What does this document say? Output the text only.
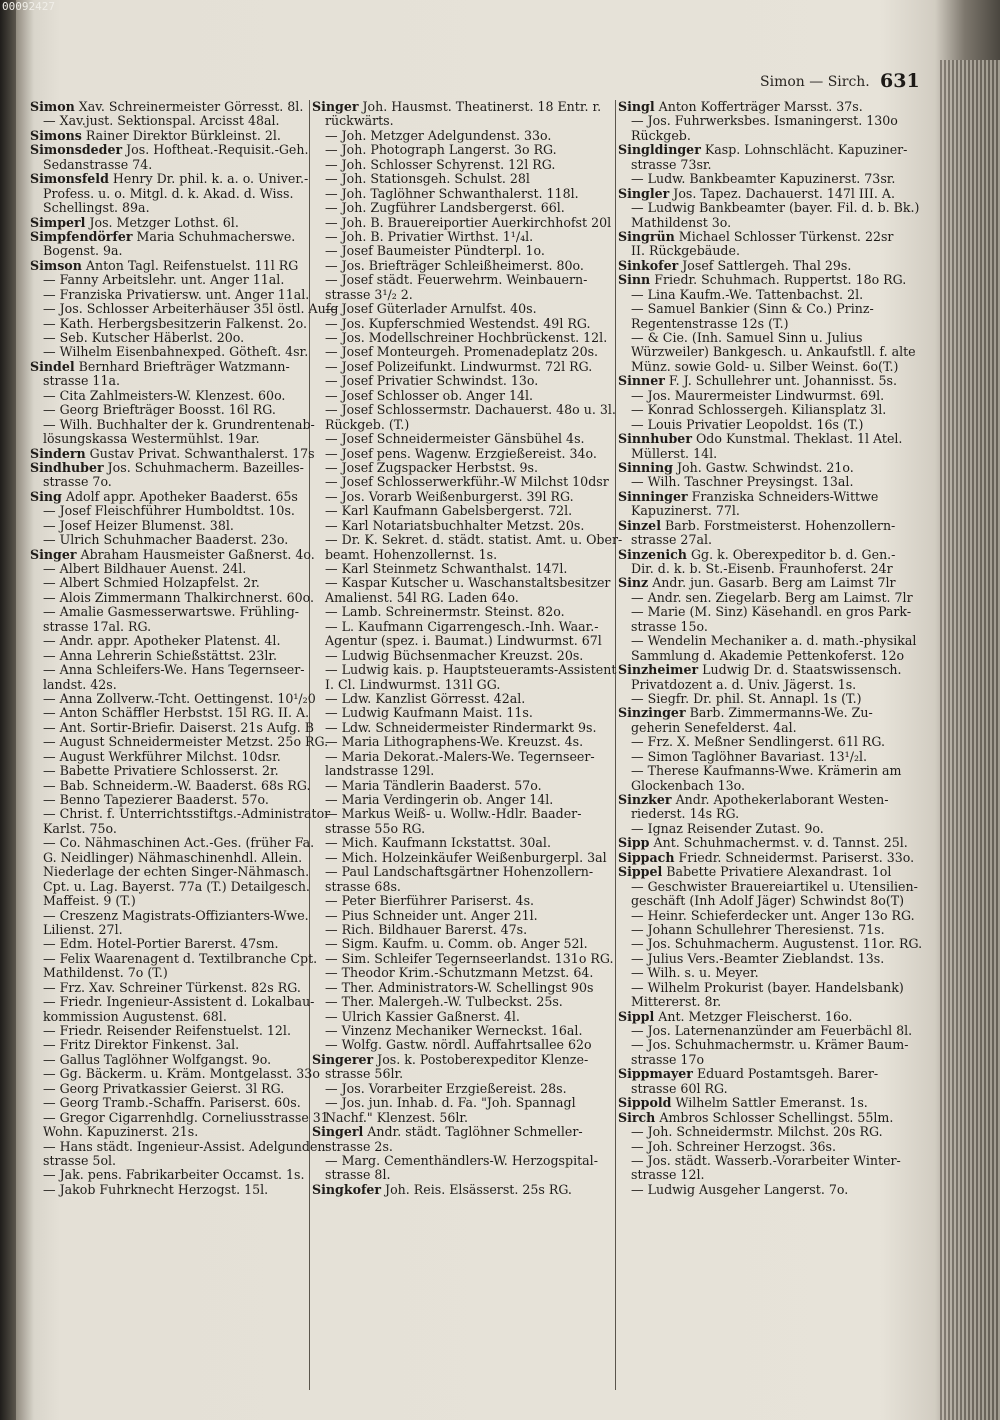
00092427
Simon — Sirch. 631
Simon Xav. Schreinermeister Görresst. 8l.
— Xav.just. Sektionspal. Arcisst 48al.
Simons Rainer Direktor Bürkleinst. 2l.
Simonsdeder Jos. Hoftheat.-Requisit.-Geh.
Sedanstrasse 74.
Simonsfeld Henry Dr. phil. k. a. o. Univer.-
Profess. u. o. Mitgl. d. k. Akad. d. Wiss.
Schellingst. 89a.
Simperl Jos. Metzger Lothst. 6l.
Simpfendörfer Maria Schuhmacherswe.
Bogenst. 9a.
Simson Anton Tagl. Reifenstuelst. 11l RG
— Fanny Arbeitslehr. unt. Anger 11al.
— Franziska Privatiersw. unt. Anger 11al.
— Jos. Schlosser Arbeiterhäuser 35l östl. Aufg
— Kath. Herbergsbesitzerin Falkenst. 2o.
— Seb. Kutscher Häberlst. 20o.
— Wilhelm Eisenbahnexped. Götheſt. 4sr.
Sindel Bernhard Briefträger Watzmann-
strasse 11a.
— Cita Zahlmeisters-W. Klenzest. 60o.
— Georg Briefträger Boosst. 16l RG.
— Wilh. Buchhalter der k. Grundrentenab-
lösungskassa Westermühlst. 19ar.
Sindern Gustav Privat. Schwanthalerst. 17s
Sindhuber Jos. Schuhmacherm. Bazeilles-
strasse 7o.
Sing Adolf appr. Apotheker Baaderst. 65s
— Josef Fleischführer Humboldtst. 10s.
— Josef Heizer Blumenst. 38l.
— Ulrich Schuhmacher Baaderst. 23o.
Singer Abraham Hausmeister Gaßnerst. 4o.
— Albert Bildhauer Auenst. 24l.
— Albert Schmied Holzapfelst. 2r.
— Alois Zimmermann Thalkirchnerst. 60o.
— Amalie Gasmesserwartswe. Frühling-
strasse 17al. RG.
— Andr. appr. Apotheker Platenst. 4l.
— Anna Lehrerin Schießstättst. 23lr.
— Anna Schleifers-We. Hans Tegernseer-
landst. 42s.
— Anna Zollverw.-Tcht. Oettingenst. 10¹/₂0
— Anton Schäffler Herbstst. 15l RG. II. A.
— Ant. Sortir-Briefir. Daiserst. 21s Aufg. B
— August Schneidermeister Metzst. 25o RG.
— August Werkführer Milchst. 10dsr.
— Babette Privatiere Schlosserst. 2r.
— Bab. Schneiderm.-W. Baaderst. 68s RG.
— Benno Tapezierer Baaderst. 57o.
— Christ. f. Unterrichtsstiftgs.-Administrator
Karlst. 75o.
— Co. Nähmaschinen Act.-Ges. (früher Fa.
G. Neidlinger) Nähmaschinenhdl. Allein.
Niederlage der echten Singer-Nähmasch.
Cpt. u. Lag. Bayerst. 77a (T.) Detailgesch.
Maffeist. 9 (T.)
— Creszenz Magistrats-Offizianters-Wwe.
Lilienst. 27l.
— Edm. Hotel-Portier Barerst. 47sm.
— Felix Waarenagent d. Textilbranche Cpt.
Mathildenst. 7o (T.)
— Frz. Xav. Schreiner Türkenst. 82s RG.
— Friedr. Ingenieur-Assistent d. Lokalbau-
kommission Augustenst. 68l.
— Friedr. Reisender Reifenstuelst. 12l.
— Fritz Direktor Finkenst. 3al.
— Gallus Taglöhner Wolfgangst. 9o.
— Gg. Bäckerm. u. Kräm. Montgelasst. 33o
— Georg Privatkassier Geierst. 3l RG.
— Georg Tramb.-Schaffn. Pariserst. 60s.
— Gregor Cigarrenhdlg. Corneliusstrasse 31
Wohn. Kapuzinerst. 21s.
— Hans städt. Ingenieur-Assist. Adelgunden-
strasse 5ol.
— Jak. pens. Fabrikarbeiter Occamst. 1s.
— Jakob Fuhrknecht Herzogst. 15l.
Singer Joh. Hausmst. Theatinerst. 18 Entr. r.
rückwärts.
— Joh. Metzger Adelgundenst. 33o.
— Joh. Photograph Langerst. 3o RG.
— Joh. Schlosser Schyrenst. 12l RG.
— Joh. Stationsgeh. Schulst. 28l
— Joh. Taglöhner Schwanthalerst. 118l.
— Joh. Zugführer Landsbergerst. 66l.
— Joh. B. Brauereiportier Auerkirchhofst 20l
— Joh. B. Privatier Wirthst. 1¹/₄l.
— Josef Baumeister Pündterpl. 1o.
— Jos. Briefträger Schleißheimerst. 80o.
— Josef städt. Feuerwehrm. Weinbauern-
strasse 3¹/₂ 2.
— Josef Güterlader Arnulfst. 40s.
— Jos. Kupferschmied Westendst. 49l RG.
— Jos. Modellschreiner Hochbrückenst. 12l.
— Josef Monteurgeh. Promenadeplatz 20s.
— Josef Polizeifunkt. Lindwurmst. 72l RG.
— Josef Privatier Schwindst. 13o.
— Josef Schlosser ob. Anger 14l.
— Josef Schlossermstr. Dachauerst. 48o u. 3l.
Rückgeb. (T.)
— Josef Schneidermeister Gänsbühel 4s.
— Josef pens. Wagenw. Erzgießereist. 34o.
— Josef Zugspacker Herbstst. 9s.
— Josef Schlosserwerkführ.-W Milchst 10dsr
— Jos. Vorarb Weißenburgerst. 39l RG.
— Karl Kaufmann Gabelsbergerst. 72l.
— Karl Notariatsbuchhalter Metzst. 20s.
— Dr. K. Sekret. d. städt. statist. Amt. u. Ober-
beamt. Hohenzollernst. 1s.
— Karl Steinmetz Schwanthalst. 147l.
— Kaspar Kutscher u. Waschanstaltsbesitzer
Amalienst. 54l RG. Laden 64o.
— Lamb. Schreinermstr. Steinst. 82o.
— L. Kaufmann Cigarrengesch.-Inh. Waar.-
Agentur (spez. i. Baumat.) Lindwurmst. 67l
— Ludwig Büchsenmacher Kreuzst. 20s.
— Ludwig kais. p. Hauptsteueramts-Assistent
I. Cl. Lindwurmst. 131l GG.
— Ldw. Kanzlist Görresst. 42al.
— Ludwig Kaufmann Maist. 11s.
— Ldw. Schneidermeister Rindermarkt 9s.
— Maria Lithographens-We. Kreuzst. 4s.
— Maria Dekorat.-Malers-We. Tegernseer-
landstrasse 129l.
— Maria Tändlerin Baaderst. 57o.
— Maria Verdingerin ob. Anger 14l.
— Markus Weiß- u. Wollw.-Hdlr. Baader-
strasse 55o RG.
— Mich. Kaufmann Ickstattst. 30al.
— Mich. Holzeinkäufer Weißenburgerpl. 3al
— Paul Landschaftsgärtner Hohenzollern-
strasse 68s.
— Peter Bierführer Pariserst. 4s.
— Pius Schneider unt. Anger 21l.
— Rich. Bildhauer Barerst. 47s.
— Sigm. Kaufm. u. Comm. ob. Anger 52l.
— Sim. Schleifer Tegernseerlandst. 131o RG.
— Theodor Krim.-Schutzmann Metzst. 64.
— Ther. Administrators-W. Schellingst 90s
— Ther. Malergeh.-W. Tulbeckst. 25s.
— Ulrich Kassier Gaßnerst. 4l.
— Vinzenz Mechaniker Werneckst. 16al.
— Wolfg. Gastw. nördl. Auffahrtsallee 62o
Singerer Jos. k. Postoberexpeditor Klenze-
strasse 56lr.
— Jos. Vorarbeiter Erzgießereist. 28s.
— Jos. jun. Inhab. d. Fa. "Joh. Spannagl
Nachf." Klenzest. 56lr.
Singerl Andr. städt. Taglöhner Schmeller-
strasse 2s.
— Marg. Cementhändlers-W. Herzogspital-
strasse 8l.
Singkofer Joh. Reis. Elsässerst. 25s RG.
Singl Anton Kofferträger Marsst. 37s.
— Jos. Fuhrwerksbes. Ismaningerst. 130o
Rückgeb.
Singldinger Kasp. Lohnschlächt. Kapuziner-
strasse 73sr.
— Ludw. Bankbeamter Kapuzinerst. 73sr.
Singler Jos. Tapez. Dachauerst. 147l III. A.
— Ludwig Bankbeamter (bayer. Fil. d. b. Bk.)
Mathildenst 3o.
Singrün Michael Schlosser Türkenst. 22sr
II. Rückgebäude.
Sinkofer Josef Sattlergeh. Thal 29s.
Sinn Friedr. Schuhmach. Ruppertst. 18o RG.
— Lina Kaufm.-We. Tattenbachst. 2l.
— Samuel Bankier (Sinn & Co.) Prinz-
Regentenstrasse 12s (T.)
— & Cie. (Inh. Samuel Sinn u. Julius
Würzweiler) Bankgesch. u. Ankaufstll. f. alte
Münz. sowie Gold- u. Silber Weinst. 6o(T.)
Sinner F. J. Schullehrer unt. Johannisst. 5s.
— Jos. Maurermeister Lindwurmst. 69l.
— Konrad Schlossergeh. Kiliansplatz 3l.
— Louis Privatier Leopoldst. 16s (T.)
Sinnhuber Odo Kunstmal. Theklast. 1l Atel.
Müllerst. 14l.
Sinning Joh. Gastw. Schwindst. 21o.
— Wilh. Taschner Preysingst. 13al.
Sinninger Franziska Schneiders-Wittwe
Kapuzinerst. 77l.
Sinzel Barb. Forstmeisterst. Hohenzollern-
strasse 27al.
Sinzenich Gg. k. Oberexpeditor b. d. Gen.-
Dir. d. k. b. St.-Eisenb. Fraunhoferst. 24r
Sinz Andr. jun. Gasarb. Berg am Laimst 7lr
— Andr. sen. Ziegelarb. Berg am Laimst. 7lr
— Marie (M. Sinz) Käsehandl. en gros Park-
strasse 15o.
— Wendelin Mechaniker a. d. math.-physikal
Sammlung d. Akademie Pettenkoferst. 12o
Sinzheimer Ludwig Dr. d. Staatswissensch.
Privatdozent a. d. Univ. Jägerst. 1s.
— Siegfr. Dr. phil. St. Annapl. 1s (T.)
Sinzinger Barb. Zimmermanns-We. Zu-
geherin Senefelderst. 4al.
— Frz. X. Meßner Sendlingerst. 61l RG.
— Simon Taglöhner Bavariast. 13¹/₂l.
— Therese Kaufmanns-Wwe. Krämerin am
Glockenbach 13o.
Sinzker Andr. Apothekerlaborant Westen-
riederst. 14s RG.
— Ignaz Reisender Zutast. 9o.
Sipp Ant. Schuhmachermst. v. d. Tannst. 25l.
Sippach Friedr. Schneidermst. Pariserst. 33o.
Sippel Babette Privatiere Alexandrast. 1ol
— Geschwister Brauereiartikel u. Utensilien-
geschäft (Inh Adolf Jäger) Schwindst 8o(T)
— Heinr. Schieferdecker unt. Anger 13o RG.
— Johann Schullehrer Theresienst. 71s.
— Jos. Schuhmacherm. Augustenst. 11or. RG.
— Julius Vers.-Beamter Zieblandst. 13s.
— Wilh. s. u. Meyer.
— Wilhelm Prokurist (bayer. Handelsbank)
Mittererst. 8r.
Sippl Ant. Metzger Fleischerst. 16o.
— Jos. Laternenanzünder am Feuerbächl 8l.
— Jos. Schuhmachermstr. u. Krämer Baum-
strasse 17o
Sippmayer Eduard Postamtsgeh. Barer-
strasse 60l RG.
Sippold Wilhelm Sattler Emeranst. 1s.
Sirch Ambros Schlosser Schellingst. 55lm.
— Joh. Schneidermstr. Milchst. 20s RG.
— Joh. Schreiner Herzogst. 36s.
— Jos. städt. Wasserb.-Vorarbeiter Winter-
strasse 12l.
— Ludwig Ausgeher Langerst. 7o.
